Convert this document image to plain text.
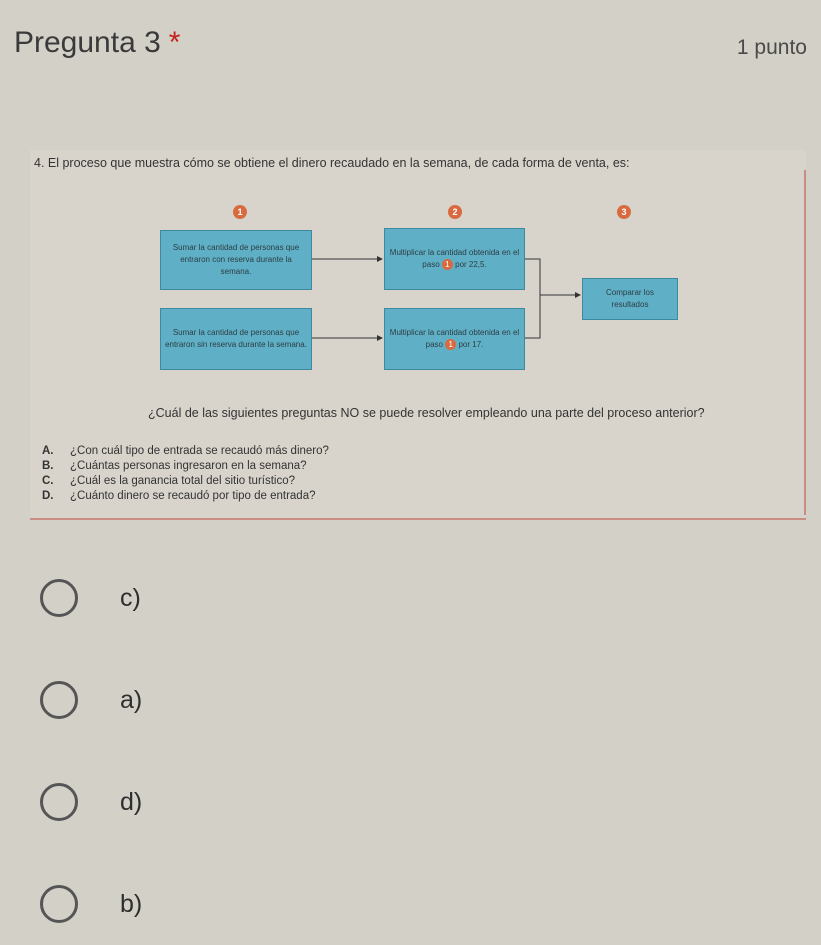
Pregunta 3 *	1 punto
4. El proceso que muestra cómo se obtiene el dinero recaudado en la semana, de cada forma de venta, es:
1	2	3
Sumar la cantidad de personas que entraron con reserva durante la semana.
Multiplicar la cantidad obtenida en el paso 1 por 22,5.
Sumar la cantidad de personas que entraron sin reserva durante la semana.
Multiplicar la cantidad obtenida en el paso 1 por 17.
Comparar los resultados
¿Cuál de las siguientes preguntas NO se puede resolver empleando una parte del proceso anterior?
A. ¿Con cuál tipo de entrada se recaudó más dinero?
B. ¿Cuántas personas ingresaron en la semana?
C. ¿Cuál es la ganancia total del sitio turístico?
D. ¿Cuánto dinero se recaudó por tipo de entrada?
c)
a)
d)
b)
